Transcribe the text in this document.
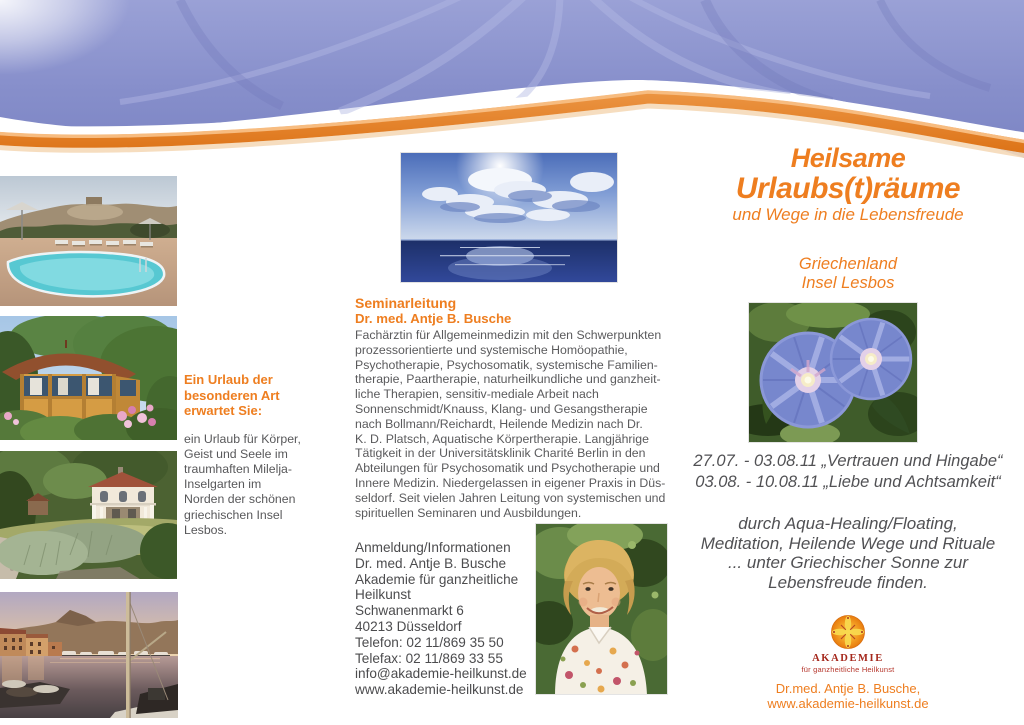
Ein Urlaub der
besonderen Art
erwartet Sie:
ein Urlaub für Körper,
Geist und Seele im
traumhaften Milelja-
Inselgarten im
Norden der schönen
griechischen Insel
Lesbos.
Seminarleitung
Dr. med. Antje B. Busche
Fachärztin für Allgemeinmedizin mit den Schwerpunkten
prozessorientierte und systemische Homöopathie,
Psychotherapie, Psychosomatik, systemische Familien-
therapie, Paartherapie, naturheilkundliche und ganzheit-
liche Therapien, sensitiv-mediale Arbeit nach
Sonnenschmidt/Knauss, Klang- und Gesangstherapie
nach Bollmann/Reichardt, Heilende Medizin nach Dr.
K. D. Platsch, Aquatische Körpertherapie. Langjährige
Tätigkeit in der Universitätsklinik Charité Berlin in den
Abteilungen für Psychosomatik und Psychotherapie und
Innere Medizin. Niedergelassen in eigener Praxis in Düs-
seldorf. Seit vielen Jahren Leitung von systemischen und
spirituellen Seminaren und Ausbildungen.
Anmeldung/Informationen
Dr. med. Antje B. Busche
Akademie für ganzheitliche
Heilkunst
Schwanenmarkt 6
40213 Düsseldorf
Telefon: 02 11/869 35 50
Telefax: 02 11/869 33 55
info@akademie-heilkunst.de
www.akademie-heilkunst.de
Heilsame
Urlaubs(t)räume
und Wege in die Lebensfreude
Griechenland
Insel Lesbos
27.07. - 03.08.11 „Vertrauen und Hingabe“
03.08. - 10.08.11 „Liebe und Achtsamkeit“
durch Aqua-Healing/Floating,
Meditation, Heilende Wege und Rituale
... unter Griechischer Sonne zur
Lebensfreude finden.
AKADEMIE
für ganzheitliche Heilkunst
Dr.med. Antje B. Busche,
www.akademie-heilkunst.de
